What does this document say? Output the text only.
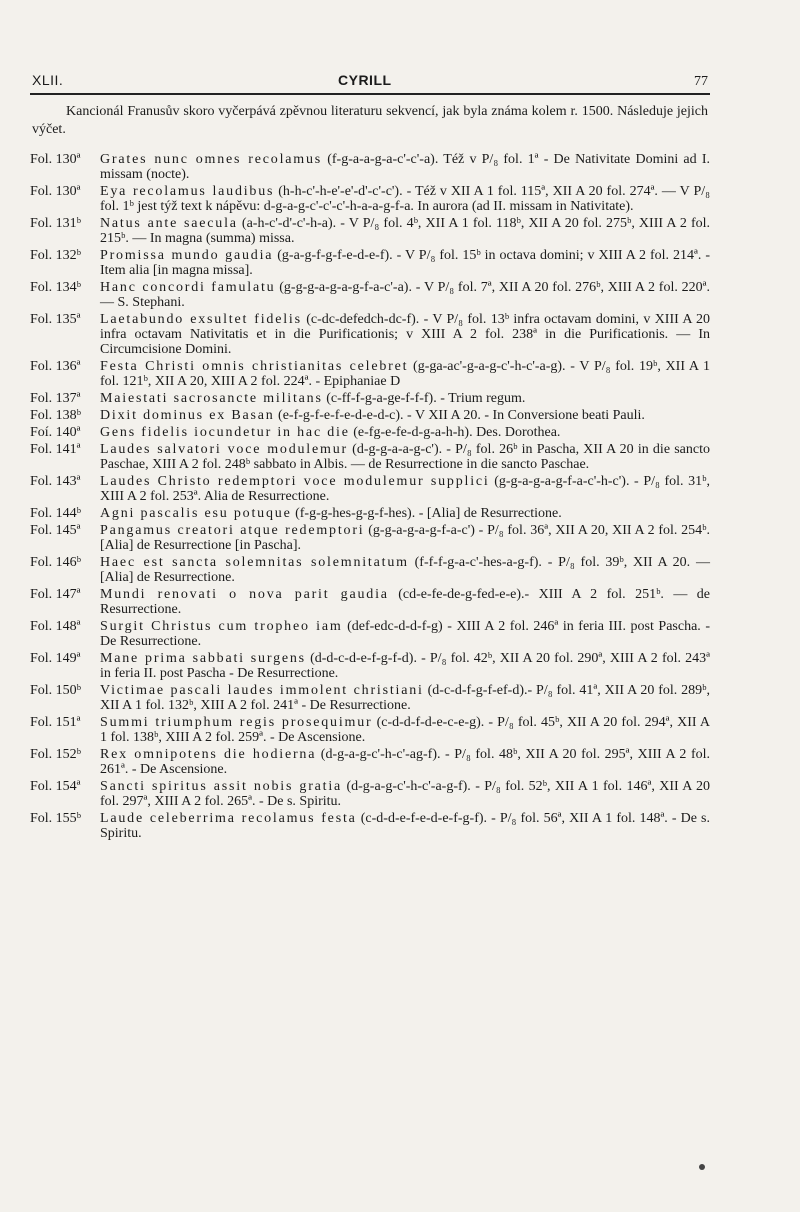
XLII.	CYRILL	77

Kancionál Franusův skoro vyčerpává zpěvnou literaturu sekvencí, jak byla známa kolem r. 1500. Následuje jejich výčet.

Fol. 130ª	Grates nunc omnes recolamus (f-g-a-a-g-a-c'-c'-a). Též v P/₈ fol. 1ª - De Nativitate Domini ad I. missam (nocte).
Fol. 130ª	Eya recolamus laudibus (h-h-c'-h-e'-e'-d'-c'-c'). - Též v XII A 1 fol. 115ª, XII A 20 fol. 274ª. — V P/₈ fol. 1ᵇ jest týž text k nápěvu: d-g-a-g-c'-c'-c'-h-a-a-g-f-a. In aurora (ad II. missam in Nativitate).
Fol. 131ᵇ	Natus ante saecula (a-h-c'-d'-c'-h-a). - V P/₈ fol. 4ᵇ, XII A 1 fol. 118ᵇ, XII A 20 fol. 275ᵇ, XIII A 2 fol. 215ᵇ. — In magna (summa) missa.
Fol. 132ᵇ	Promissa mundo gaudia (g-a-g-f-g-f-e-d-e-f). - V P/₈ fol. 15ᵇ in octava domini; v XIII A 2 fol. 214ª. - Item alia [in magna missa].
Fol. 134ᵇ	Hanc concordi famulatu (g-g-g-a-g-a-g-f-a-c'-a). - V P/₈ fol. 7ª, XII A 20 fol. 276ᵇ, XIII A 2 fol. 220ª. — S. Stephani.
Fol. 135ª	Laetabundo exsultet fidelis (c-dc-defedch-dc-f). - V P/₈ fol. 13ᵇ infra octavam domini, v XIII A 20 infra octavam Nativitatis et in die Purificationis; v XIII A 2 fol. 238ª in die Purificationis. — In Circumcisione Domini.
Fol. 136ª	Festa Christi omnis christianitas celebret (g-ga-ac'-g-a-g-c'-h-c'-a-g). - V P/₈ fol. 19ᵇ, XII A 1 fol. 121ᵇ, XII A 20, XIII A 2 fol. 224ª. - Epiphaniae D
Fol. 137ª	Maiestati sacrosancte militans (c-ff-f-g-a-ge-f-f-f). - Trium regum.
Fol. 138ᵇ	Dixit dominus ex Basan (e-f-g-f-e-f-e-d-e-d-c). - V XII A 20. - In Conversione beati Pauli.
Foí. 140ª	Gens fidelis iocundetur in hac die (e-fg-e-fe-d-g-a-h-h). Des. Dorothea.
Fol. 141ª	Laudes salvatori voce modulemur (d-g-g-a-a-g-c'). - P/₈ fol. 26ᵇ in Pascha, XII A 20 in die sancto Paschae, XIII A 2 fol. 248ᵇ sabbato in Albis. — de Resurrectione in die sancto Paschae.
Fol. 143ª	Laudes Christo redemptori voce modulemur supplici (g-g-a-g-a-g-f-a-c'-h-c'). - P/₈ fol. 31ᵇ, XIII A 2 fol. 253ª. Alia de Resurrectione.
Fol. 144ᵇ	Agni pascalis esu potuque (f-g-g-hes-g-g-f-hes). - [Alia] de Resurrectione.
Fol. 145ª	Pangamus creatori atque redemptori (g-g-a-g-a-g-f-a-c') - P/₈ fol. 36ª, XII A 20, XII A 2 fol. 254ᵇ. [Alia] de Resurrectione [in Pascha].
Fol. 146ᵇ	Haec est sancta solemnitas solemnitatum (f-f-f-g-a-c'-hes-a-g-f). - P/₈ fol. 39ᵇ, XII A 20. — [Alia] de Resurrectione.
Fol. 147ª	Mundi renovati o nova parit gaudia (cd-e-fe-de-g-fed-e-e).- XIII A 2 fol. 251ᵇ. — de Resurrectione.
Fol. 148ª	Surgit Christus cum tropheo iam (def-edc-d-d-f-g) - XIII A 2 fol. 246ª in feria III. post Pascha. - De Resurrectione.
Fol. 149ª	Mane prima sabbati surgens (d-d-c-d-e-f-g-f-d). - P/₈ fol. 42ᵇ, XII A 20 fol. 290ª, XIII A 2 fol. 243ª in feria II. post Pascha - De Resurrectione.
Fol. 150ᵇ	Victimae pascali laudes immolent christiani (d-c-d-f-g-f-ef-d).- P/₈ fol. 41ª, XII A 20 fol. 289ᵇ, XII A 1 fol. 132ᵇ, XIII A 2 fol. 241ª - De Resurrectione.
Fol. 151ª	Summi triumphum regis prosequimur (c-d-d-f-d-e-c-e-g). - P/₈ fol. 45ᵇ, XII A 20 fol. 294ª, XII A 1 fol. 138ᵇ, XIII A 2 fol. 259ª. - De Ascensione.
Fol. 152ᵇ	Rex omnipotens die hodierna (d-g-a-g-c'-h-c'-ag-f). - P/₈ fol. 48ᵇ, XII A 20 fol. 295ª, XIII A 2 fol. 261ª. - De Ascensione.
Fol. 154ª	Sancti spiritus assit nobis gratia (d-g-a-g-c'-h-c'-a-g-f). - P/₈ fol. 52ᵇ, XII A 1 fol. 146ª, XII A 20 fol. 297ª, XIII A 2 fol. 265ª. - De s. Spiritu.
Fol. 155ᵇ	Laude celeberrima recolamus festa (c-d-d-e-f-e-d-e-f-g-f). - P/₈ fol. 56ª, XII A 1 fol. 148ª. - De s. Spiritu.
